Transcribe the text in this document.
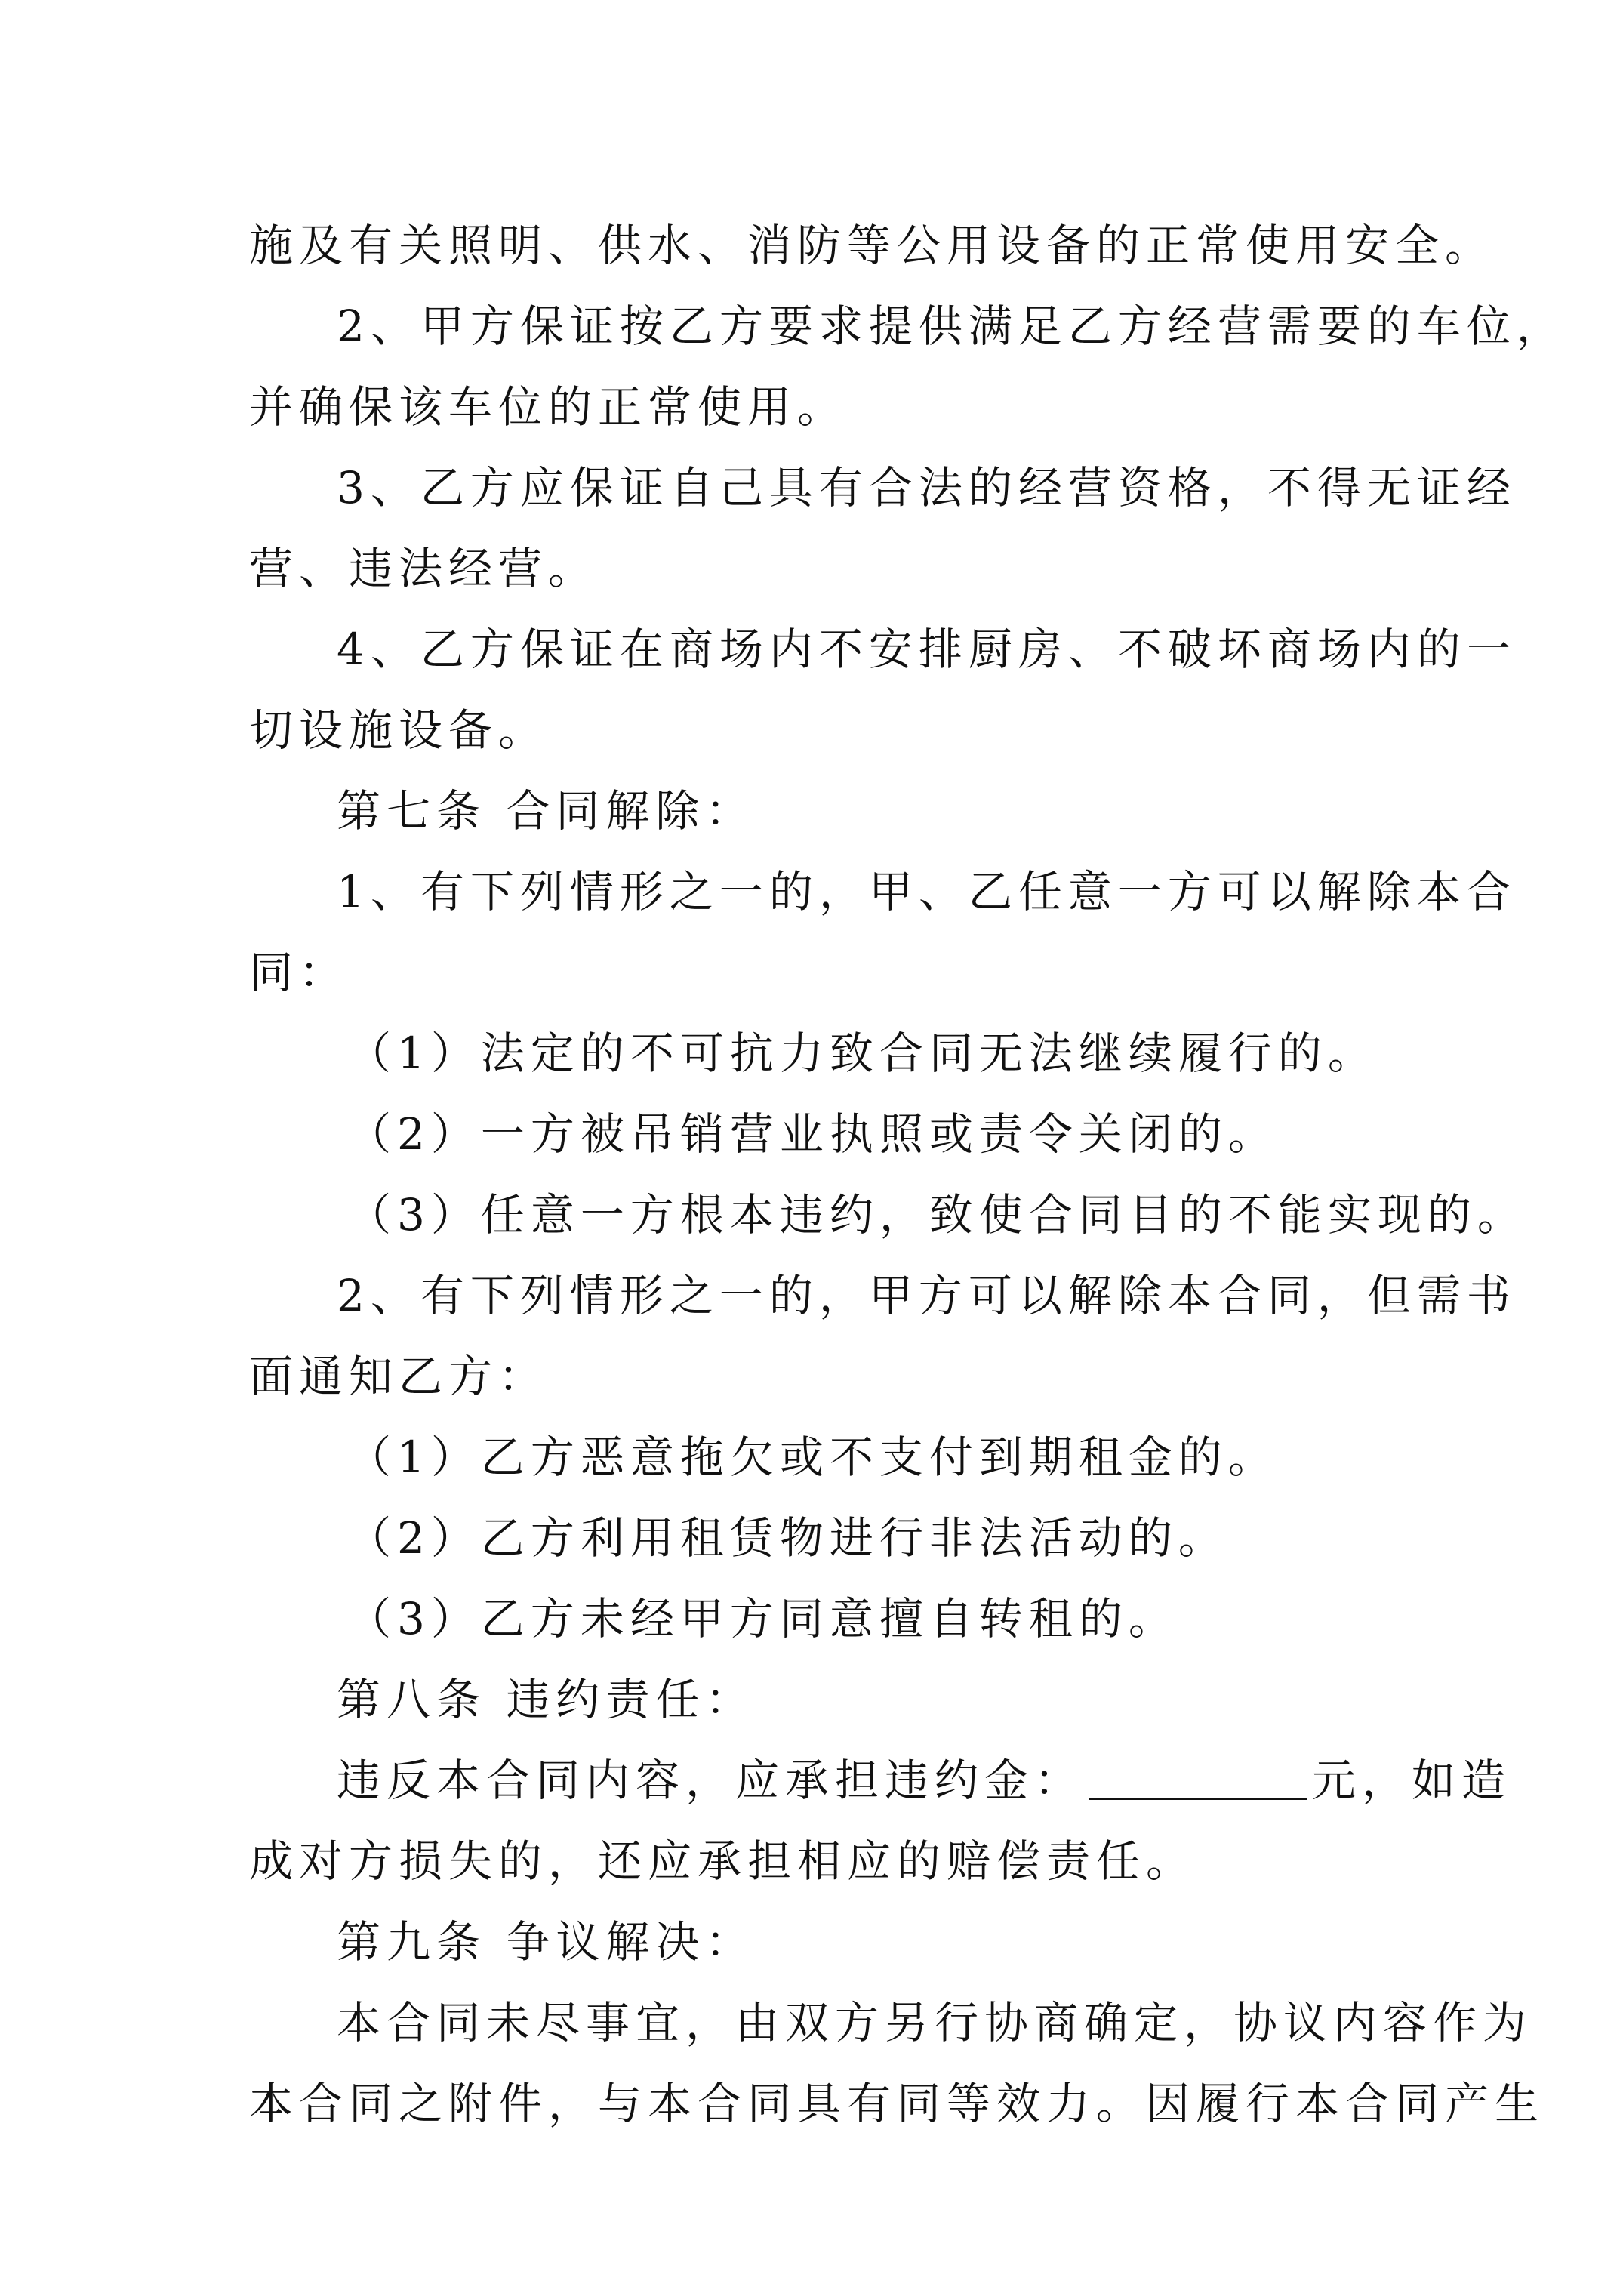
施及有关照明、供水、消防等公用设备的正常使用安全。
2、甲方保证按乙方要求提供满足乙方经营需要的车位，
并确保该车位的正常使用。
3、乙方应保证自己具有合法的经营资格，不得无证经
营、违法经营。
4、乙方保证在商场内不安排厨房、不破坏商场内的一
切设施设备。
第七条 合同解除：
1、有下列情形之一的，甲、乙任意一方可以解除本合
同：
（1）法定的不可抗力致合同无法继续履行的。
（2）一方被吊销营业执照或责令关闭的。
（3）任意一方根本违约，致使合同目的不能实现的。
2、有下列情形之一的，甲方可以解除本合同，但需书
面通知乙方：
（1）乙方恶意拖欠或不支付到期租金的。
（2）乙方利用租赁物进行非法活动的。
（3）乙方未经甲方同意擅自转租的。
第八条 违约责任：
违反本合同内容，应承担违约金：	元，如造
成对方损失的，还应承担相应的赔偿责任。
第九条 争议解决：
本合同未尽事宜，由双方另行协商确定，协议内容作为
本合同之附件，与本合同具有同等效力。因履行本合同产生
